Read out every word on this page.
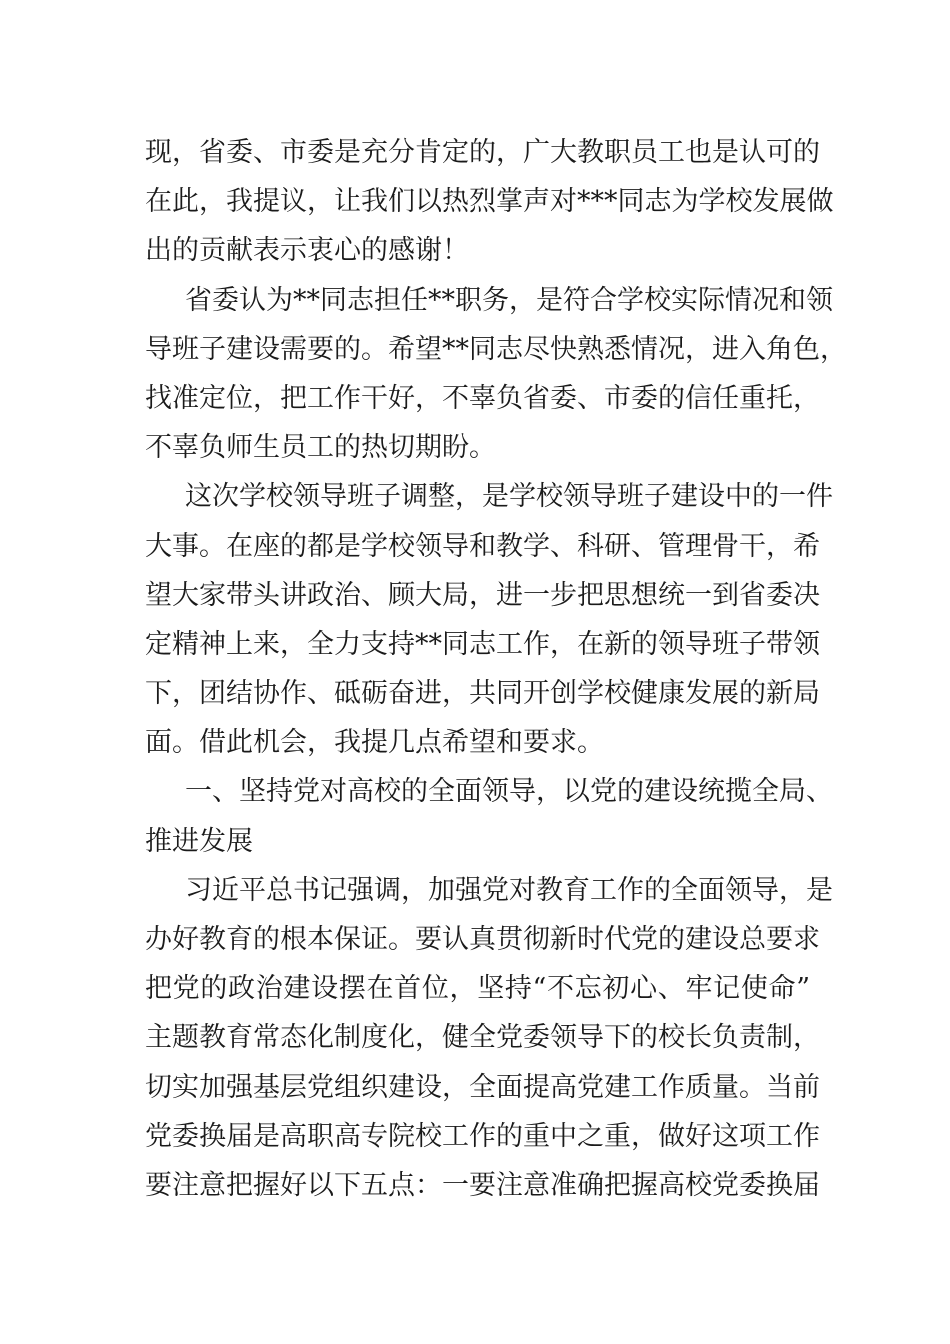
现，省委、市委是充分肯定的，广大教职员工也是认可的
在此，我提议，让我们以热烈掌声对***同志为学校发展做
出的贡献表示衷心的感谢！
省委认为**同志担任**职务，是符合学校实际情况和领
导班子建设需要的。希望**同志尽快熟悉情况，进入角色，
找准定位，把工作干好，不辜负省委、市委的信任重托，
不辜负师生员工的热切期盼。
这次学校领导班子调整，是学校领导班子建设中的一件
大事。在座的都是学校领导和教学、科研、管理骨干，希
望大家带头讲政治、顾大局，进一步把思想统一到省委决
定精神上来，全力支持**同志工作，在新的领导班子带领
下，团结协作、砥砺奋进，共同开创学校健康发展的新局
面。借此机会，我提几点希望和要求。
一、坚持党对高校的全面领导，以党的建设统揽全局、
推进发展
习近平总书记强调，加强党对教育工作的全面领导，是
办好教育的根本保证。要认真贯彻新时代党的建设总要求
把党的政治建设摆在首位，坚持“不忘初心、牢记使命”
主题教育常态化制度化，健全党委领导下的校长负责制，
切实加强基层党组织建设，全面提高党建工作质量。当前
党委换届是高职高专院校工作的重中之重，做好这项工作
要注意把握好以下五点：一要注意准确把握高校党委换届
